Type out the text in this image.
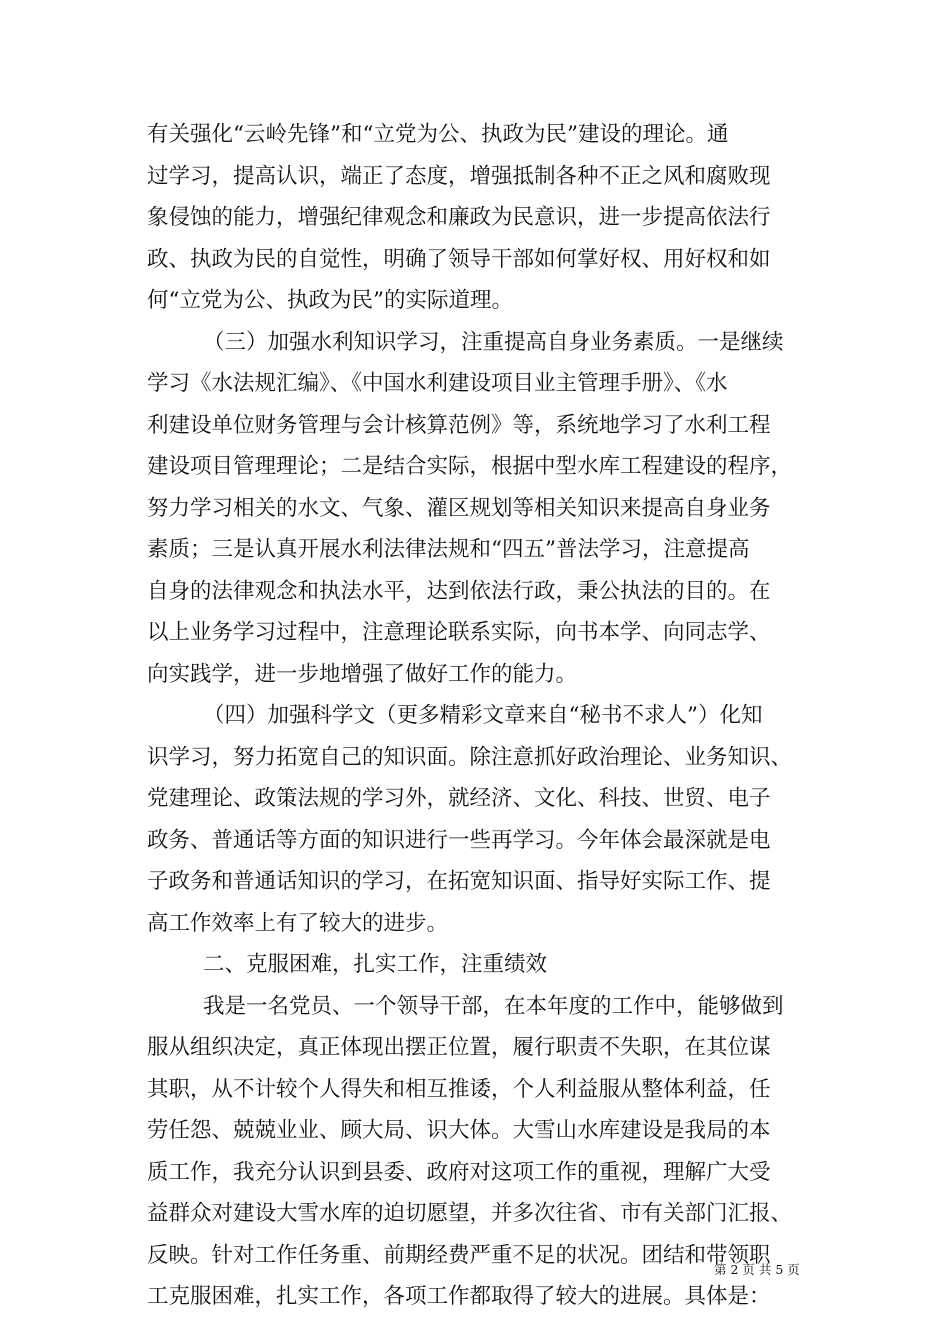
有关强化“云岭先锋”和“立党为公、执政为民”建设的理论。通
过学习，提高认识，端正了态度，增强抵制各种不正之风和腐败现
象侵蚀的能力，增强纪律观念和廉政为民意识，进一步提高依法行
政、执政为民的自觉性，明确了领导干部如何掌好权、用好权和如
何“立党为公、执政为民”的实际道理。
（三）加强水利知识学习，注重提高自身业务素质。一是继续
学习《水法规汇编》、《中国水利建设项目业主管理手册》、《水
利建设单位财务管理与会计核算范例》等，系统地学习了水利工程
建设项目管理理论；二是结合实际，根据中型水库工程建设的程序，
努力学习相关的水文、气象、灌区规划等相关知识来提高自身业务
素质；三是认真开展水利法律法规和“四五”普法学习，注意提高
自身的法律观念和执法水平，达到依法行政，秉公执法的目的。在
以上业务学习过程中，注意理论联系实际，向书本学、向同志学、
向实践学，进一步地增强了做好工作的能力。
（四）加强科学文（更多精彩文章来自“秘书不求人”）化知
识学习，努力拓宽自己的知识面。除注意抓好政治理论、业务知识、
党建理论、政策法规的学习外，就经济、文化、科技、世贸、电子
政务、普通话等方面的知识进行一些再学习。今年体会最深就是电
子政务和普通话知识的学习，在拓宽知识面、指导好实际工作、提
高工作效率上有了较大的进步。
二、克服困难，扎实工作，注重绩效
我是一名党员、一个领导干部，在本年度的工作中，能够做到
服从组织决定，真正体现出摆正位置，履行职责不失职，在其位谋
其职，从不计较个人得失和相互推诿，个人利益服从整体利益，任
劳任怨、兢兢业业、顾大局、识大体。大雪山水库建设是我局的本
质工作，我充分认识到县委、政府对这项工作的重视，理解广大受
益群众对建设大雪水库的迫切愿望，并多次往省、市有关部门汇报、
反映。针对工作任务重、前期经费严重不足的状况。团结和带领职
工克服困难，扎实工作，各项工作都取得了较大的进展。具体是：
第 2 页 共 5 页
